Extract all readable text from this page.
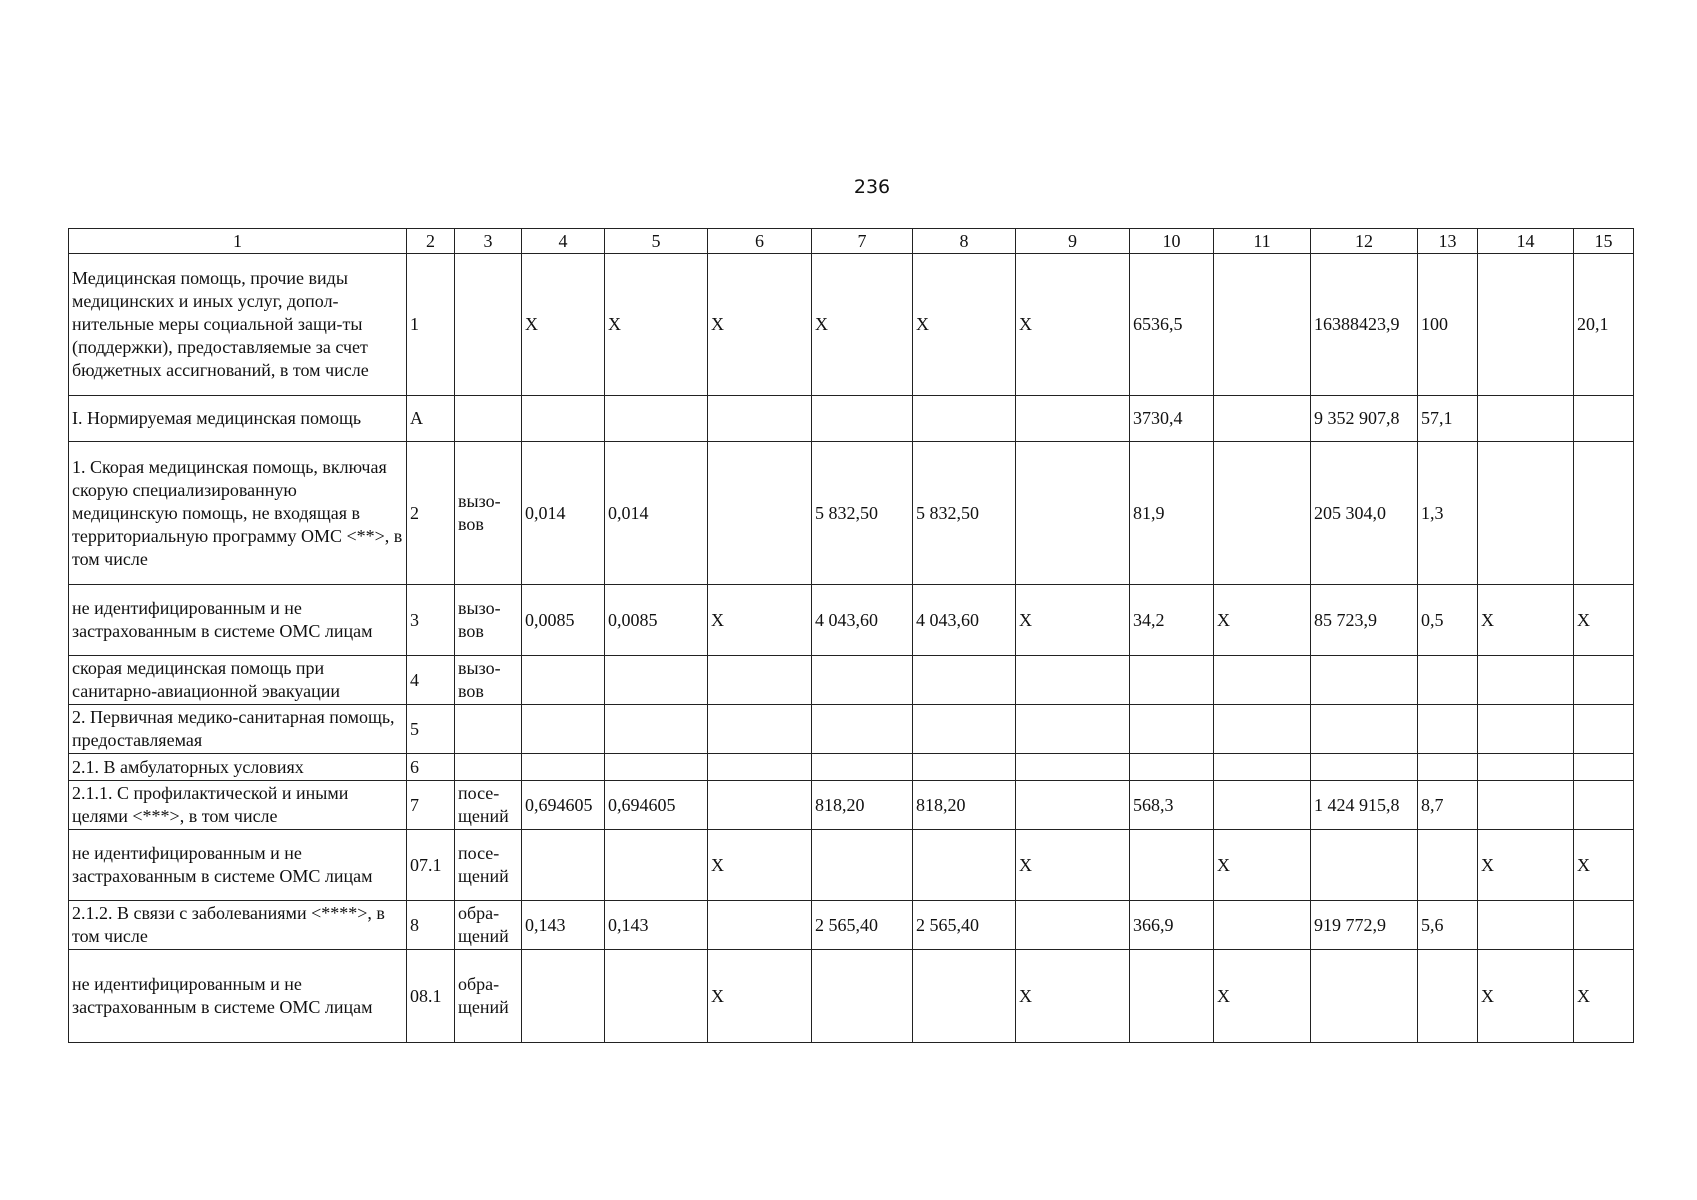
236
1	2	3	4	5	6	7	8	9	10	11	12	13	14	15
Медицинская помощь, прочие виды медицинских и иных услуг, допол-нительные меры социальной защи-ты (поддержки), предоставляемые за счет бюджетных ассигнований, в том числе	1		X	X	X	X	X	X	6536,5		16388423,9	100		20,1
I. Нормируемая медицинская помощь	А								3730,4		9 352 907,8	57,1		
1. Скорая медицинская помощь, включая скорую специализированную медицинскую помощь, не входящая в территориальную программу ОМС <**>, в том числе	2	вызо-вов	0,014	0,014		5 832,50	5 832,50		81,9		205 304,0	1,3		
не идентифицированным и не застрахованным в системе ОМС лицам	3	вызо-вов	0,0085	0,0085	X	4 043,60	4 043,60	X	34,2	X	85 723,9	0,5	X	X
скорая медицинская помощь при санитарно-авиационной эвакуации	4	вызо-вов												
2. Первичная медико-санитарная помощь, предоставляемая	5													
2.1. В амбулаторных условиях	6													
2.1.1. С профилактической и иными целями <***>, в том числе	7	посе-щений	0,694605	0,694605		818,20	818,20		568,3		1 424 915,8	8,7		
не идентифицированным и не застрахованным в системе ОМС лицам	07.1	посе-щений			X			X		X			X	X
2.1.2. В связи с заболеваниями <****>, в том числе	8	обра-щений	0,143	0,143		2 565,40	2 565,40		366,9		919 772,9	5,6		
не идентифицированным и не застрахованным в системе ОМС лицам	08.1	обра-щений			X			X		X			X	X
